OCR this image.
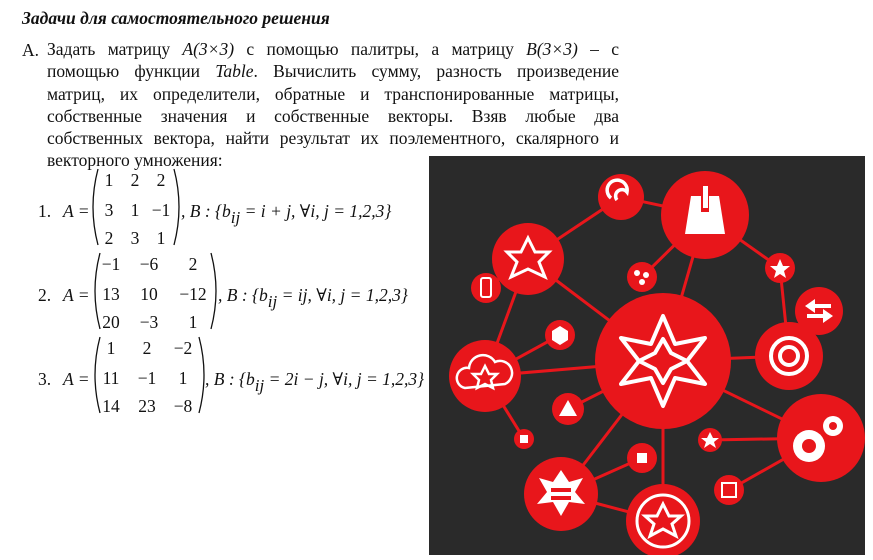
Задачи для самостоятельного решения
А. Задать матрицу A(3×3) с помощью палитры, а матрицу B(3×3) – с
помощью функции Table. Вычислить сумму, разность произведение
матриц, их определители, обратные и транспонированные матрицы,
собственные значения и собственные векторы. Взяв любые два
собственных вектора, найти результат их поэлементного, скалярного и
векторного умножения:
1. A =
1 2 2
3 1 −1
2 3 1
, B : {bij = i + j, ∀i, j = 1,2,3}
2. A =
−1	−6	2
13	10	−12
20	−3	1
, B : {bij = ij, ∀i, j = 1,2,3}
3. A =
1	2	−2
11	−1	1
14	23	−8
, B : {bij = 2i − j, ∀i, j = 1,2,3}
